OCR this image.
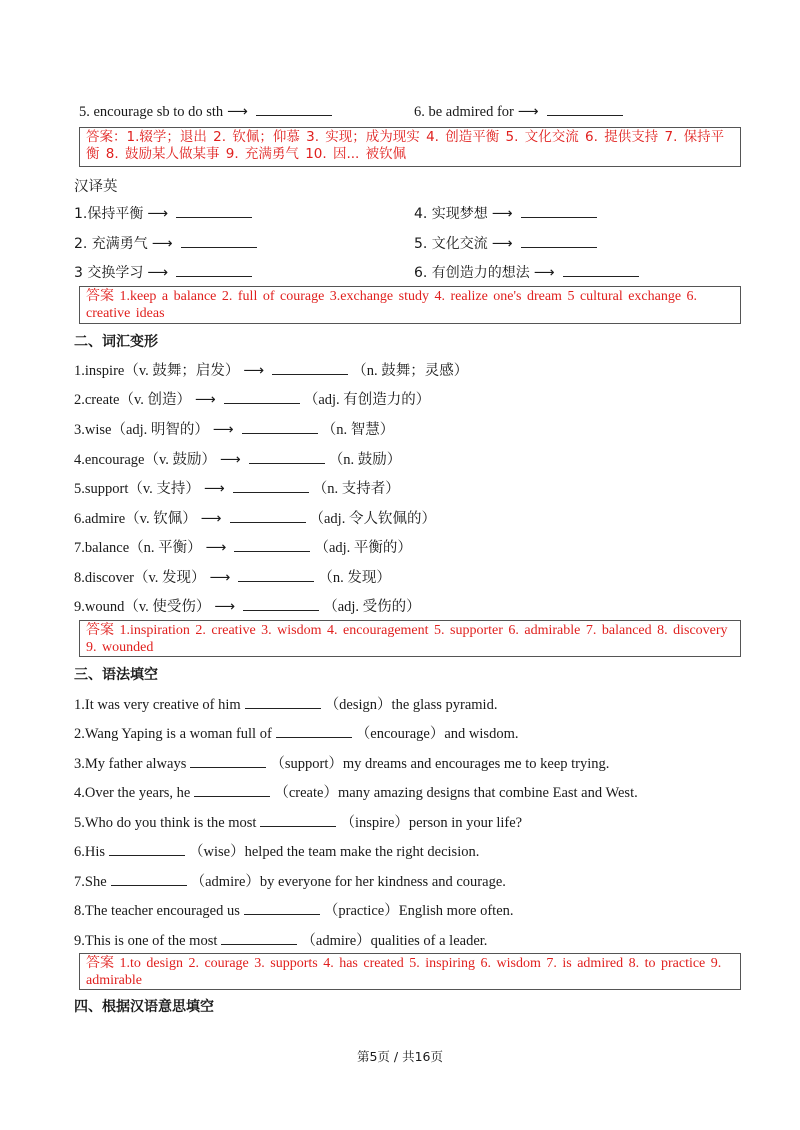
5. encourage sb to do sth ⟶	6. be admired for ⟶
答案：1.辍学；退出 2. 钦佩；仰慕 3. 实现；成为现实 4. 创造平衡 5. 文化交流 6. 提供支持 7. 保持平衡 8. 鼓励某人做某事 9. 充满勇气 10. 因... 被钦佩
汉译英
1.保持平衡 ⟶	4. 实现梦想 ⟶
2. 充满勇气 ⟶	5. 文化交流 ⟶
3 交换学习 ⟶	6. 有创造力的想法 ⟶
答案 1.keep a balance 2. full of courage 3.exchange study 4. realize one's dream 5 cultural exchange 6. creative ideas
二、词汇变形
1.inspire（v. 鼓舞；启发） ⟶	（n. 鼓舞；灵感）
2.create（v. 创造） ⟶	（adj. 有创造力的）
3.wise（adj. 明智的） ⟶	（n. 智慧）
4.encourage（v. 鼓励） ⟶	（n. 鼓励）
5.support（v. 支持） ⟶	（n. 支持者）
6.admire（v. 钦佩） ⟶	（adj. 令人钦佩的）
7.balance（n. 平衡） ⟶	（adj. 平衡的）
8.discover（v. 发现） ⟶	（n. 发现）
9.wound（v. 使受伤） ⟶	（adj. 受伤的）
答案 1.inspiration 2. creative 3. wisdom 4. encouragement 5. supporter 6. admirable 7. balanced 8. discovery 9. wounded
三、语法填空
1.It was very creative of him	（design）the glass pyramid.
2.Wang Yaping is a woman full of	（encourage）and wisdom.
3.My father always	（support）my dreams and encourages me to keep trying.
4.Over the years, he	（create）many amazing designs that combine East and West.
5.Who do you think is the most	（inspire）person in your life?
6.His	（wise）helped the team make the right decision.
7.She	（admire）by everyone for her kindness and courage.
8.The teacher encouraged us	（practice）English more often.
9.This is one of the most	（admire）qualities of a leader.
答案 1.to design 2. courage 3. supports 4. has created 5. inspiring 6. wisdom 7. is admired 8. to practice 9. admirable
四、根据汉语意思填空
第5页 / 共16页
